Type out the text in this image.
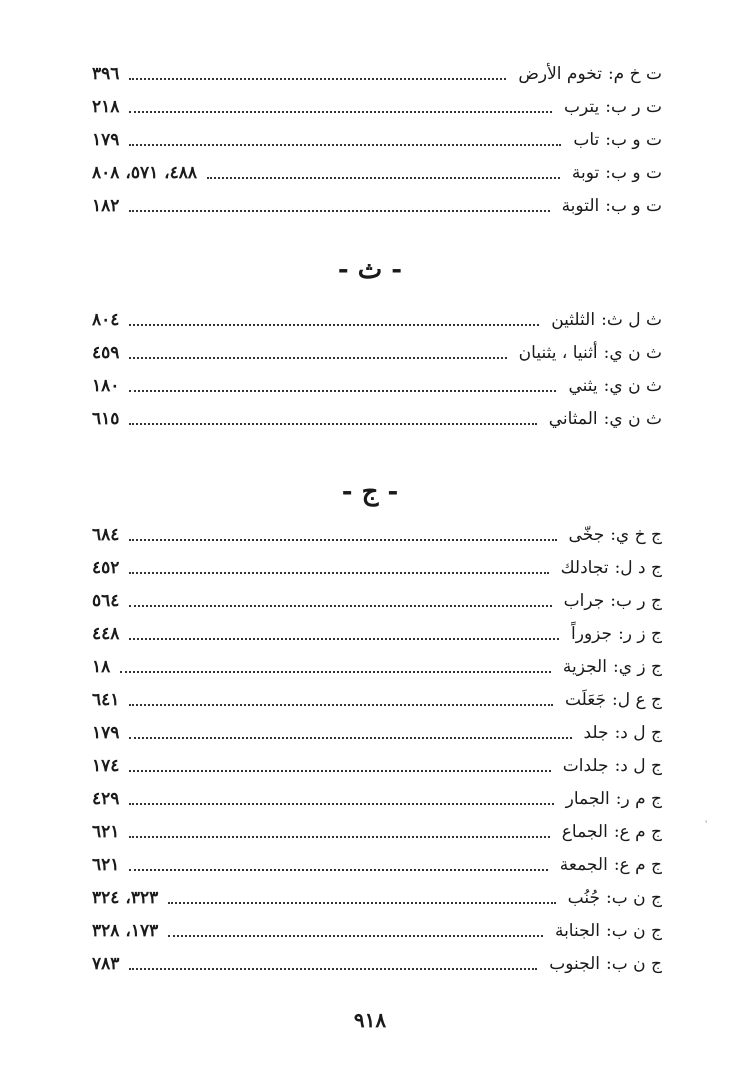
ت خ م:
تخوم الأرض
٣٩٦
ت ر ب:
يترب
٢١٨
ت و ب:
تاب
١٧٩
ت و ب:
توبة
٤٨٨، ٥٧١، ٨٠٨
ت و ب:
التوبة
١٨٢
- ث -
ث ل ث:
الثلثين
٨٠٤
ث ن ي:
أثنيا ، يثنيان
٤٥٩
ث ن ي:
يثني
١٨٠
ث ن ي:
المثاني
٦١٥
- ج -
ج خ ي:
جخّى
٦٨٤
ج د ل:
تجادلك
٤٥٢
ج ر ب:
جراب
٥٦٤
ج ز ر:
جزوراً
٤٤٨
ج ز ي:
الجزية
١٨
ج ع ل:
جَعَلَت
٦٤١
ج ل د:
جلد
١٧٩
ج ل د:
جلدات
١٧٤
ج م ر:
الجمار
٤٢٩
ج م ع:
الجماع
٦٢١
ج م ع:
الجمعة
٦٢١
ج ن ب:
جُنُب
٣٢٣، ٣٢٤
ج ن ب:
الجنابة
١٧٣، ٣٢٨
ج ن ب:
الجنوب
٧٨٣
٩١٨
